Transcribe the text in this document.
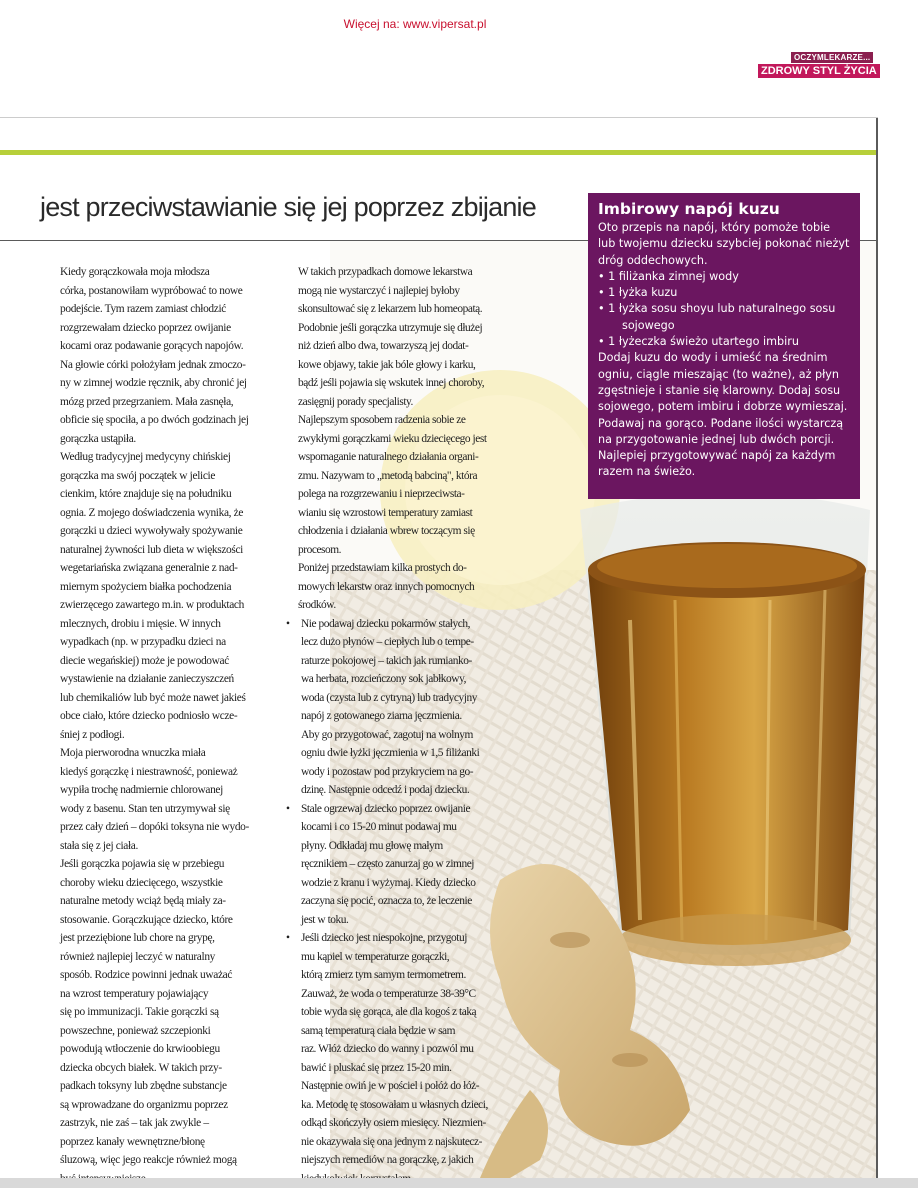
Więcej na: www.vipersat.pl
OCZYMLEKARZE...
ZDROWY STYL ŻYCIA
jest przeciwstawianie się jej poprzez zbijanie	Imbirowy napój kuzu

Oto przepis na napój, który pomoże tobie lub twojemu dziecku szybciej pokonać nieżyt dróg oddechowych.

• 1 filiżanka zimnej wody
• 1 łyżka kuzu
• 1 łyżka sosu shoyu lub naturalnego sosu
sojowego
• 1 łyżeczka świeżo utartego imbiru

Dodaj kuzu do wody i umieść na średnim ogniu, ciągle mieszając (to ważne), aż płyn zgęstnieje i stanie się klarowny. Dodaj sosu sojowego, potem imbiru i dobrze wymieszaj. Podawaj na gorąco. Podane ilości wystarczą na przygotowanie jednej lub dwóch porcji. Najlepiej przygotowywać napój za każdym razem na świeżo.

Kiedy gorączkowała moja młodsza
córka, postanowiłam wypróbować to nowe
podejście. Tym razem zamiast chłodzić
rozgrzewałam dziecko poprzez owijanie
kocami oraz podawanie gorących napojów.
Na głowie córki położyłam jednak zmoczo-
ny w zimnej wodzie ręcznik, aby chronić jej
mózg przed przegrzaniem. Mała zasnęła,
obficie się spociła, a po dwóch godzinach jej
gorączka ustąpiła.

Według tradycyjnej medycyny chińskiej
gorączka ma swój początek w jelicie
cienkim, które znajduje się na południku
ognia. Z mojego doświadczenia wynika, że
gorączki u dzieci wywoływały spożywanie
naturalnej żywności lub dieta w większości
wegetariańska związana generalnie z nad-
miernym spożyciem białka pochodzenia
zwierzęcego zawartego m.in. w produktach
mlecznych, drobiu i mięsie. W innych
wypadkach (np. w przypadku dzieci na
diecie wegańskiej) może je powodować
wystawienie na działanie zanieczyszczeń
lub chemikaliów lub być może nawet jakieś
obce ciało, które dziecko podniosło wcze-
śniej z podłogi.

Moja pierworodna wnuczka miała
kiedyś gorączkę i niestrawność, ponieważ
wypiła trochę nadmiernie chlorowanej
wody z basenu. Stan ten utrzymywał się
przez cały dzień – dopóki toksyna nie wydo-
stała się z jej ciała.

Jeśli gorączka pojawia się w przebiegu
choroby wieku dziecięcego, wszystkie
naturalne metody wciąż będą miały za-
stosowanie. Gorączkujące dziecko, które
jest przeziębione lub chore na grypę,
również najlepiej leczyć w naturalny
sposób. Rodzice powinni jednak uważać
na wzrost temperatury pojawiający
się po immunizacji. Takie gorączki są
powszechne, ponieważ szczepionki
powodują wtłoczenie do krwioobiegu
dziecka obcych białek. W takich przy-
padkach toksyny lub zbędne substancje
są wprowadzane do organizmu poprzez
zastrzyk, nie zaś – tak jak zwykle –
poprzez kanały wewnętrzne/błonę
śluzową, więc jego reakcje również mogą

W takich przypadkach domowe lekarstwa
mogą nie wystarczyć i najlepiej byłoby
skonsultować się z lekarzem lub homeopatą.
Podobnie jeśli gorączka utrzymuje się dłużej
niż dzień albo dwa, towarzyszą jej dodat-
kowe objawy, takie jak bóle głowy i karku,
bądź jeśli pojawia się wskutek innej choroby,
zasięgnij porady specjalisty.

Najlepszym sposobem radzenia sobie ze
zwykłymi gorączkami wieku dziecięcego jest
wspomaganie naturalnego działania organi-
zmu. Nazywam to „metodą babciną", która
polega na rozgrzewaniu i nieprzeciwsta-
wianiu się wzrostowi temperatury zamiast
chłodzenia i działania wbrew toczącym się
procesom.

Poniżej przedstawiam kilka prostych do-
mowych lekarstw oraz innych pomocnych
środków.

• Nie podawaj dziecku pokarmów stałych,
lecz dużo płynów – ciepłych lub o tempe-
raturze pokojowej – takich jak rumianko-
wa herbata, rozcieńczony sok jabłkowy,
woda (czysta lub z cytryną) lub tradycyjny
napój z gotowanego ziarna jęczmienia.
Aby go przygotować, zagotuj na wolnym
ogniu dwie łyżki jęczmienia w 1,5 filiżanki
wody i pozostaw pod przykryciem na go-
dzinę. Następnie odcedź i podaj dziecku.
• Stale ogrzewaj dziecko poprzez owijanie
kocami i co 15-20 minut podawaj mu
płyny. Odkładaj mu głowę małym
ręcznikiem – często zanurzaj go w zimnej
wodzie z kranu i wyżymaj. Kiedy dziecko
zaczyna się pocić, oznacza to, że leczenie
jest w toku.
• Jeśli dziecko jest niespokojne, przygotuj
mu kąpiel w temperaturze gorączki,
którą zmierz tym samym termometrem.
Zauważ, że woda o temperaturze 38-39°C
tobie wyda się gorąca, ale dla kogoś z taką
samą temperaturą ciała będzie w sam
raz. Włóż dziecko do wanny i pozwól mu
bawić i pluskać się przez 15-20 min.
Następnie owiń je w pościel i połóż do łóż-
ka. Metodę tę stosowałam u własnych dzieci,
odkąd skończyły osiem miesięcy. Niezmien-
nie okazywała się ona jednym z najskutecz-
niejszych remediów na gorączkę, z jakich
